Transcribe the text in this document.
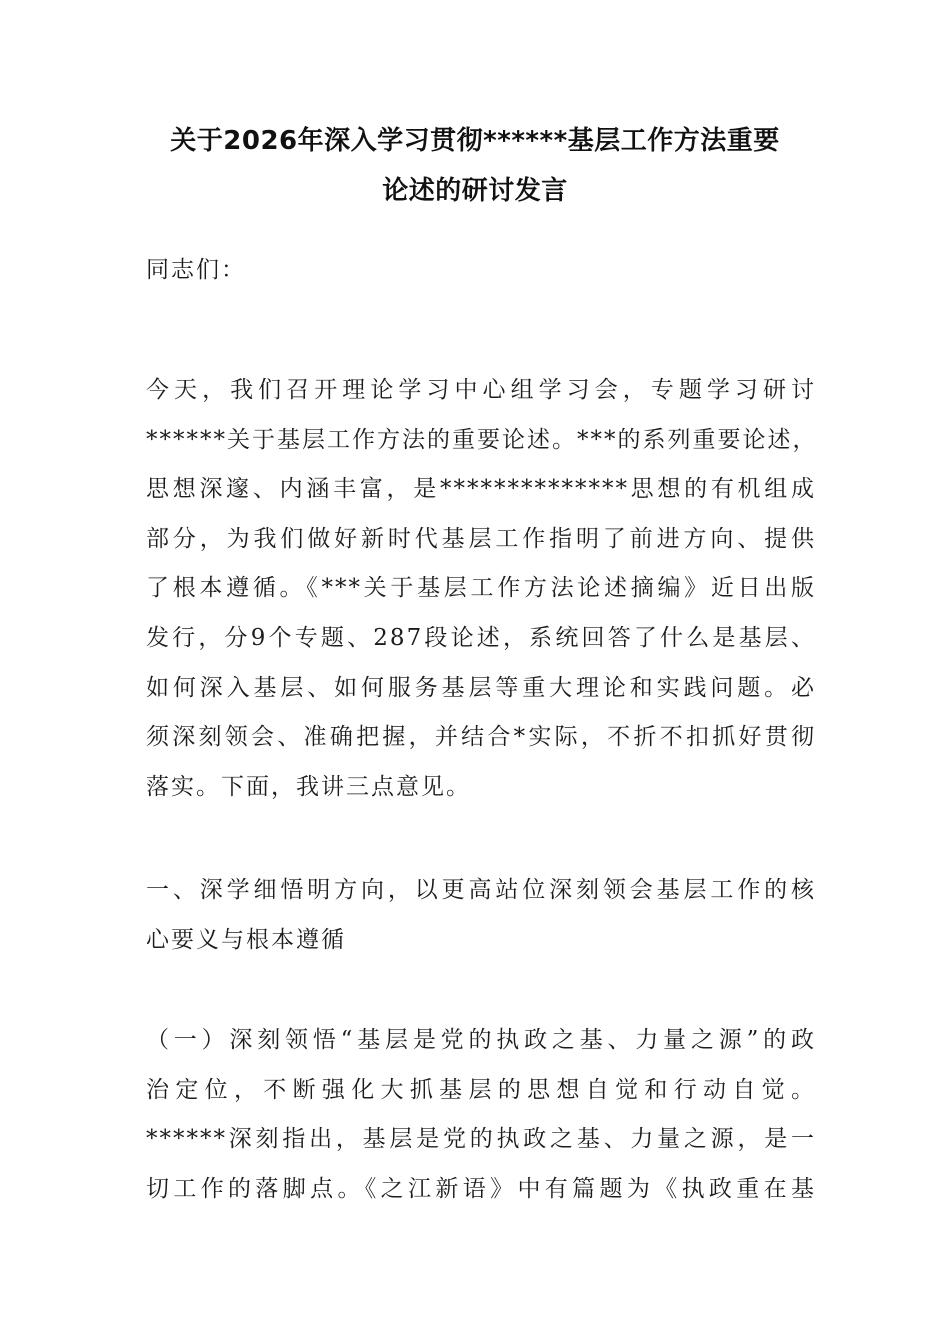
关于2026年深入学习贯彻******基层工作方法重要
论述的研讨发言
同志们：
今天，我们召开理论学习中心组学习会，专题学习研讨
******关于基层工作方法的重要论述。***的系列重要论述，
思想深邃、内涵丰富，是**************思想的有机组成
部分，为我们做好新时代基层工作指明了前进方向、提供
了根本遵循。《***关于基层工作方法论述摘编》近日出版
发行，分9个专题、287段论述，系统回答了什么是基层、
如何深入基层、如何服务基层等重大理论和实践问题。必
须深刻领会、准确把握，并结合*实际，不折不扣抓好贯彻
落实。下面，我讲三点意见。
一、深学细悟明方向，以更高站位深刻领会基层工作的核
心要义与根本遵循
（一）深刻领悟“基层是党的执政之基、力量之源”的政
治定位，不断强化大抓基层的思想自觉和行动自觉。
******深刻指出，基层是党的执政之基、力量之源，是一
切工作的落脚点。《之江新语》中有篇题为《执政重在基
